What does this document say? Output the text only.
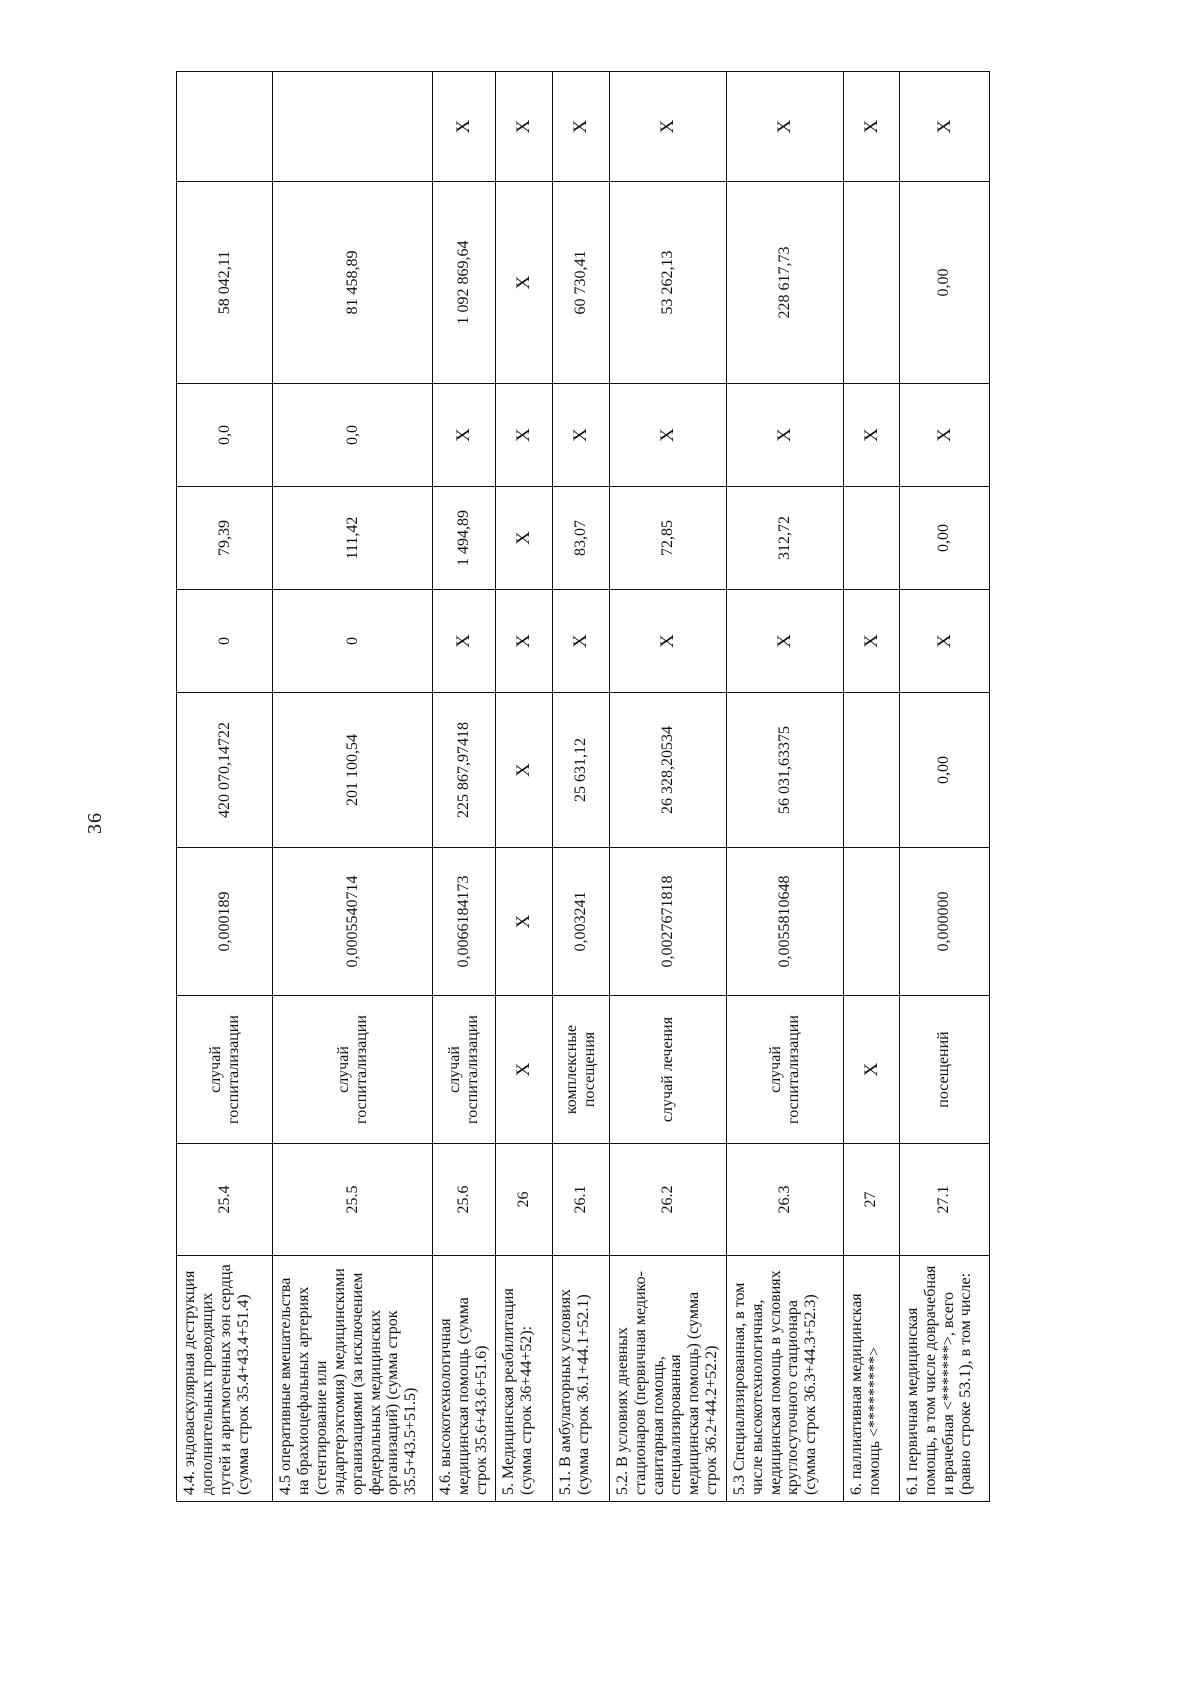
36
4.4. эндоваскулярная деструкция дополнительных проводящих путей и аритмогенных зон сердца (сумма строк 35.4+43.4+51.4)	25.4	случай госпитализации	0,000189	420 070,14722	0	79,39	0,0	58 042,11	
4.5 оперативные вмешательства на брахиоцефальных артериях (стентирование или эндартерэктомия) медицинскими организациями (за исключением федеральных медицинских организаций) (сумма строк 35.5+43.5+51.5)	25.5	случай госпитализации	0,0005540714	201 100,54	0	111,42	0,0	81 458,89	
4.6. высокотехнологичная медицинская помощь (сумма строк 35.6+43.6+51.6)	25.6	случай госпитализации	0,0066184173	225 867,97418	Х	1 494,89	Х	1 092 869,64	Х
5. Медицинская реабилитация (сумма строк 36+44+52):	26	Х	Х	Х	Х	Х	Х	Х	Х
5.1. В амбулаторных условиях (сумма строк 36.1+44.1+52.1)	26.1	комплексные посещения	0,003241	25 631,12	Х	83,07	Х	60 730,41	Х
5.2. В условиях дневных стационаров (первичная медико-санитарная помощь, специализированная медицинская помощь) (сумма строк 36.2+44.2+52.2)	26.2	случай лечения	0,0027671818	26 328,20534	Х	72,85	Х	53 262,13	Х
5.3 Специализированная, в том числе высокотехнологичная, медицинская помощь в условиях круглосуточного стационара (сумма строк 36.3+44.3+52.3)	26.3	случай госпитализации	0,0055810648	56 031,63375	Х	312,72	Х	228 617,73	Х
6. паллиативная медицинская помощь <*********>	27	Х			Х		Х		Х
6.1 первичная медицинская помощь, в том числе доврачебная и врачебная <*******>, всего (равно строке 53.1), в том числе:	27.1	посещений	0,000000	0,00	Х	0,00	Х	0,00	Х
